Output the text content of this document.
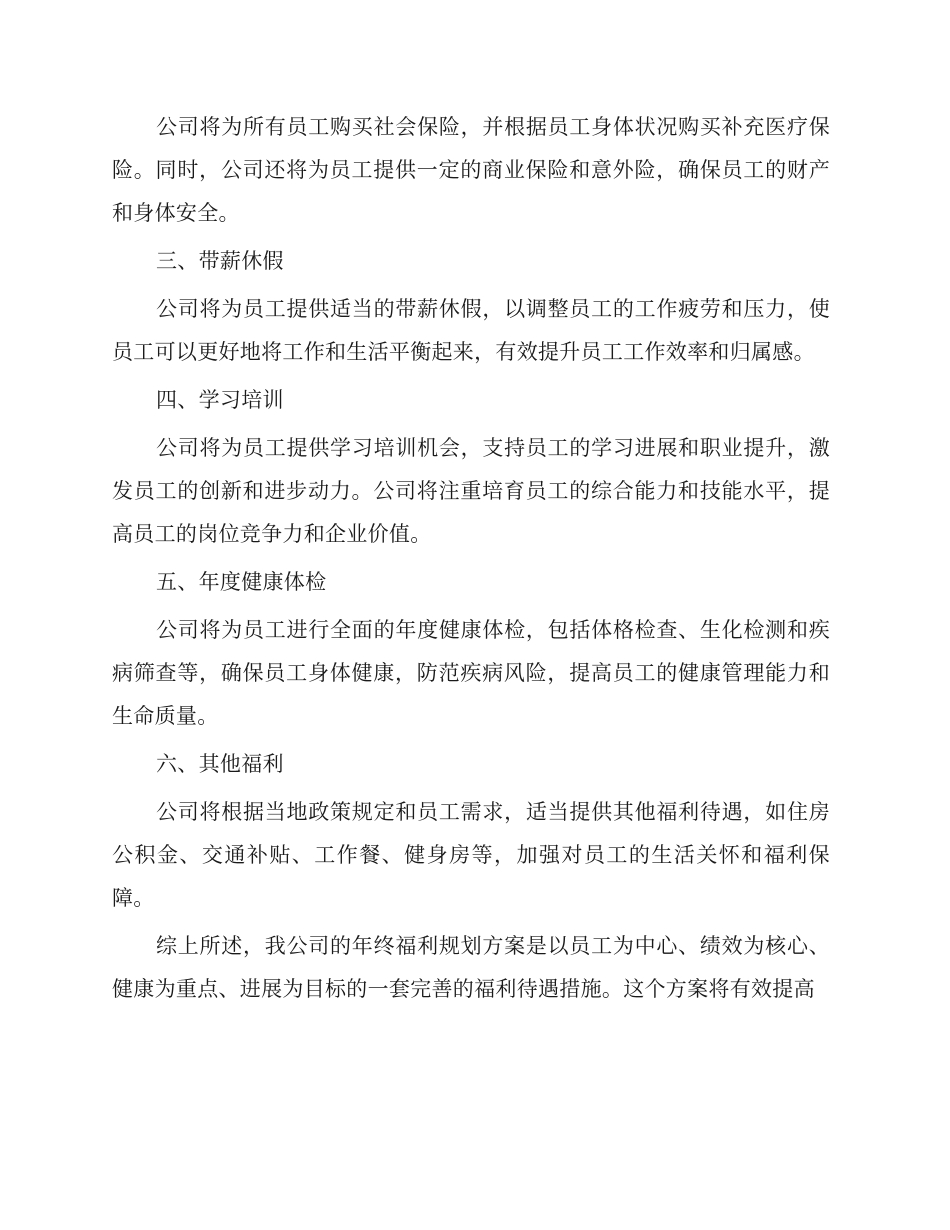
公司将为所有员工购买社会保险，并根据员工身体状况购买补充医疗保险。同时，公司还将为员工提供一定的商业保险和意外险，确保员工的财产和身体安全。

三、带薪休假

公司将为员工提供适当的带薪休假，以调整员工的工作疲劳和压力，使员工可以更好地将工作和生活平衡起来，有效提升员工工作效率和归属感。

四、学习培训

公司将为员工提供学习培训机会，支持员工的学习进展和职业提升，激发员工的创新和进步动力。公司将注重培育员工的综合能力和技能水平，提高员工的岗位竞争力和企业价值。

五、年度健康体检

公司将为员工进行全面的年度健康体检，包括体格检查、生化检测和疾病筛查等，确保员工身体健康，防范疾病风险，提高员工的健康管理能力和生命质量。

六、其他福利

公司将根据当地政策规定和员工需求，适当提供其他福利待遇，如住房公积金、交通补贴、工作餐、健身房等，加强对员工的生活关怀和福利保障。

综上所述，我公司的年终福利规划方案是以员工为中心、绩效为核心、健康为重点、进展为目标的一套完善的福利待遇措施。这个方案将有效提高
